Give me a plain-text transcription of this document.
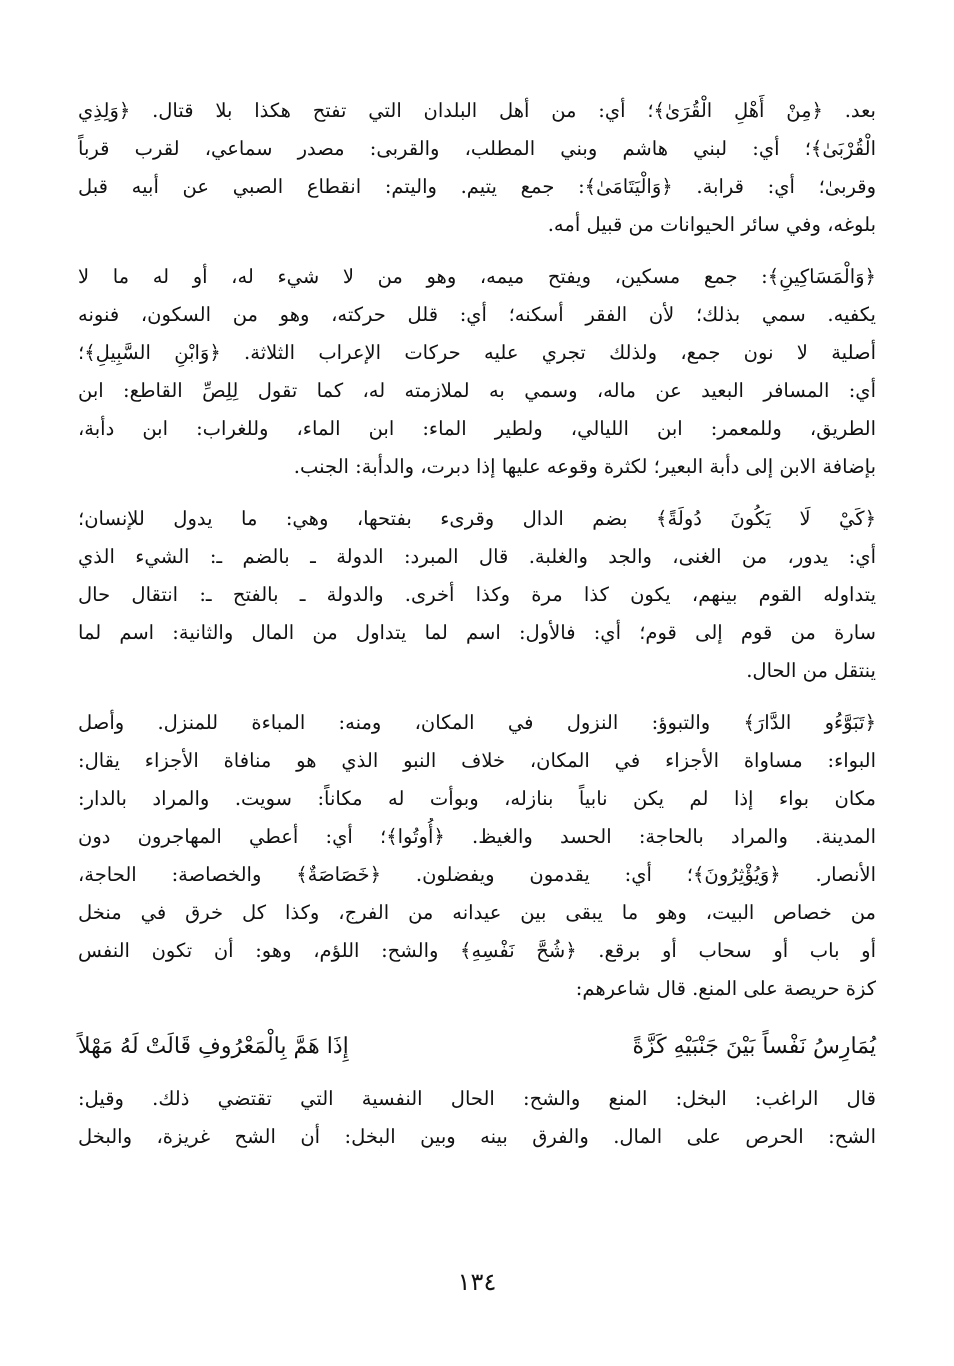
بعد. ﴿مِنْ أَهْلِ الْقُرَىٰ﴾؛ أي: من أهل البلدان التي تفتح هكذا بلا قتال. ﴿وَلِذِي
الْقُرْبَىٰ﴾؛ أي: لبني هاشم وبني المطلب، والقربى: مصدر سماعي، لقرب قرباً
وقربىٰ؛ أي: قرابة. ﴿وَالْيَتَامَىٰ﴾: جمع يتيم. واليتم: انقطاع الصبي عن أبيه قبل
بلوغه، وفي سائر الحيوانات من قبيل أمه.
﴿وَالْمَسَاكِينِ﴾: جمع مسكين، ويفتح ميمه، وهو من لا شيء له، أو له ما لا
يكفيه. سمي بذلك؛ لأن الفقر أسكنه؛ أي: قلل حركته، وهو من السكون، فنونه
أصلية لا نون جمع، ولذلك تجري عليه حركات الإعراب الثلاثة. ﴿وَابْنِ السَّبِيلِ﴾؛
أي: المسافر البعيد عن ماله، وسمي به لملازمته له، كما تقول لِلِصِّ القاطع: ابن
الطريق، وللمعمر: ابن الليالي، ولطير الماء: ابن الماء، وللغراب: ابن دأبة،
بإضافة الابن إلى دأبة البعير؛ لكثرة وقوعه عليها إذا دبرت، والدأبة: الجنب.
﴿كَيْ لَا يَكُونَ دُولَةً﴾ بضم الدال وقرىء بفتحها، وهي: ما يدول للإنسان؛
أي: يدور، من الغنى، والجد والغلبة. قال المبرد: الدولة ـ بالضم ـ: الشيء الذي
يتداوله القوم بينهم، يكون كذا مرة وكذا أخرى. والدولة ـ بالفتح ـ: انتقال حال
سارة من قوم إلى قوم؛ أي: فالأول: اسم لما يتداول من المال والثانية: اسم لما
ينتقل من الحال.
﴿تَبَوَّءُو الدَّارَ﴾ والتبوؤ: النزول في المكان، ومنه: المباءة للمنزل. وأصل
البواء: مساواة الأجزاء في المكان، خلاف النبو الذي هو منافاة الأجزاء يقال:
مكان بواء إذا لم يكن نابياً بنازله، وبوأت له مكاناً: سويت. والمراد بالدار:
المدينة. والمراد بالحاجة: الحسد والغيظ. ﴿أُوتُوا﴾؛ أي: أعطي المهاجرون دون
الأنصار. ﴿وَيُؤْثِرُونَ﴾؛ أي: يقدمون ويفضلون. ﴿خَصَاصَةٌ﴾ والخصاصة: الحاجة،
من خصاص البيت، وهو ما يبقى بين عيدانه من الفرج، وكذا كل خرق في منخل
أو باب أو سحاب أو برقع. ﴿شُحَّ نَفْسِهِ﴾ والشح: اللؤم، وهو: أن تكون النفس
كزة حريصة على المنع. قال شاعرهم:
يُمَارِسُ نَفْساً بَيْنَ جَنْبَيْهِ كَزَّةً
إِذَا هَمَّ بِالْمَعْرُوفِ قَالَتْ لَهُ مَهْلاً
قال الراغب: البخل: المنع والشح: الحال النفسية التي تقتضي ذلك. وقيل:
الشح: الحرص على المال. والفرق بينه وبين البخل: أن الشح غريزة، والبخل
١٣٤
